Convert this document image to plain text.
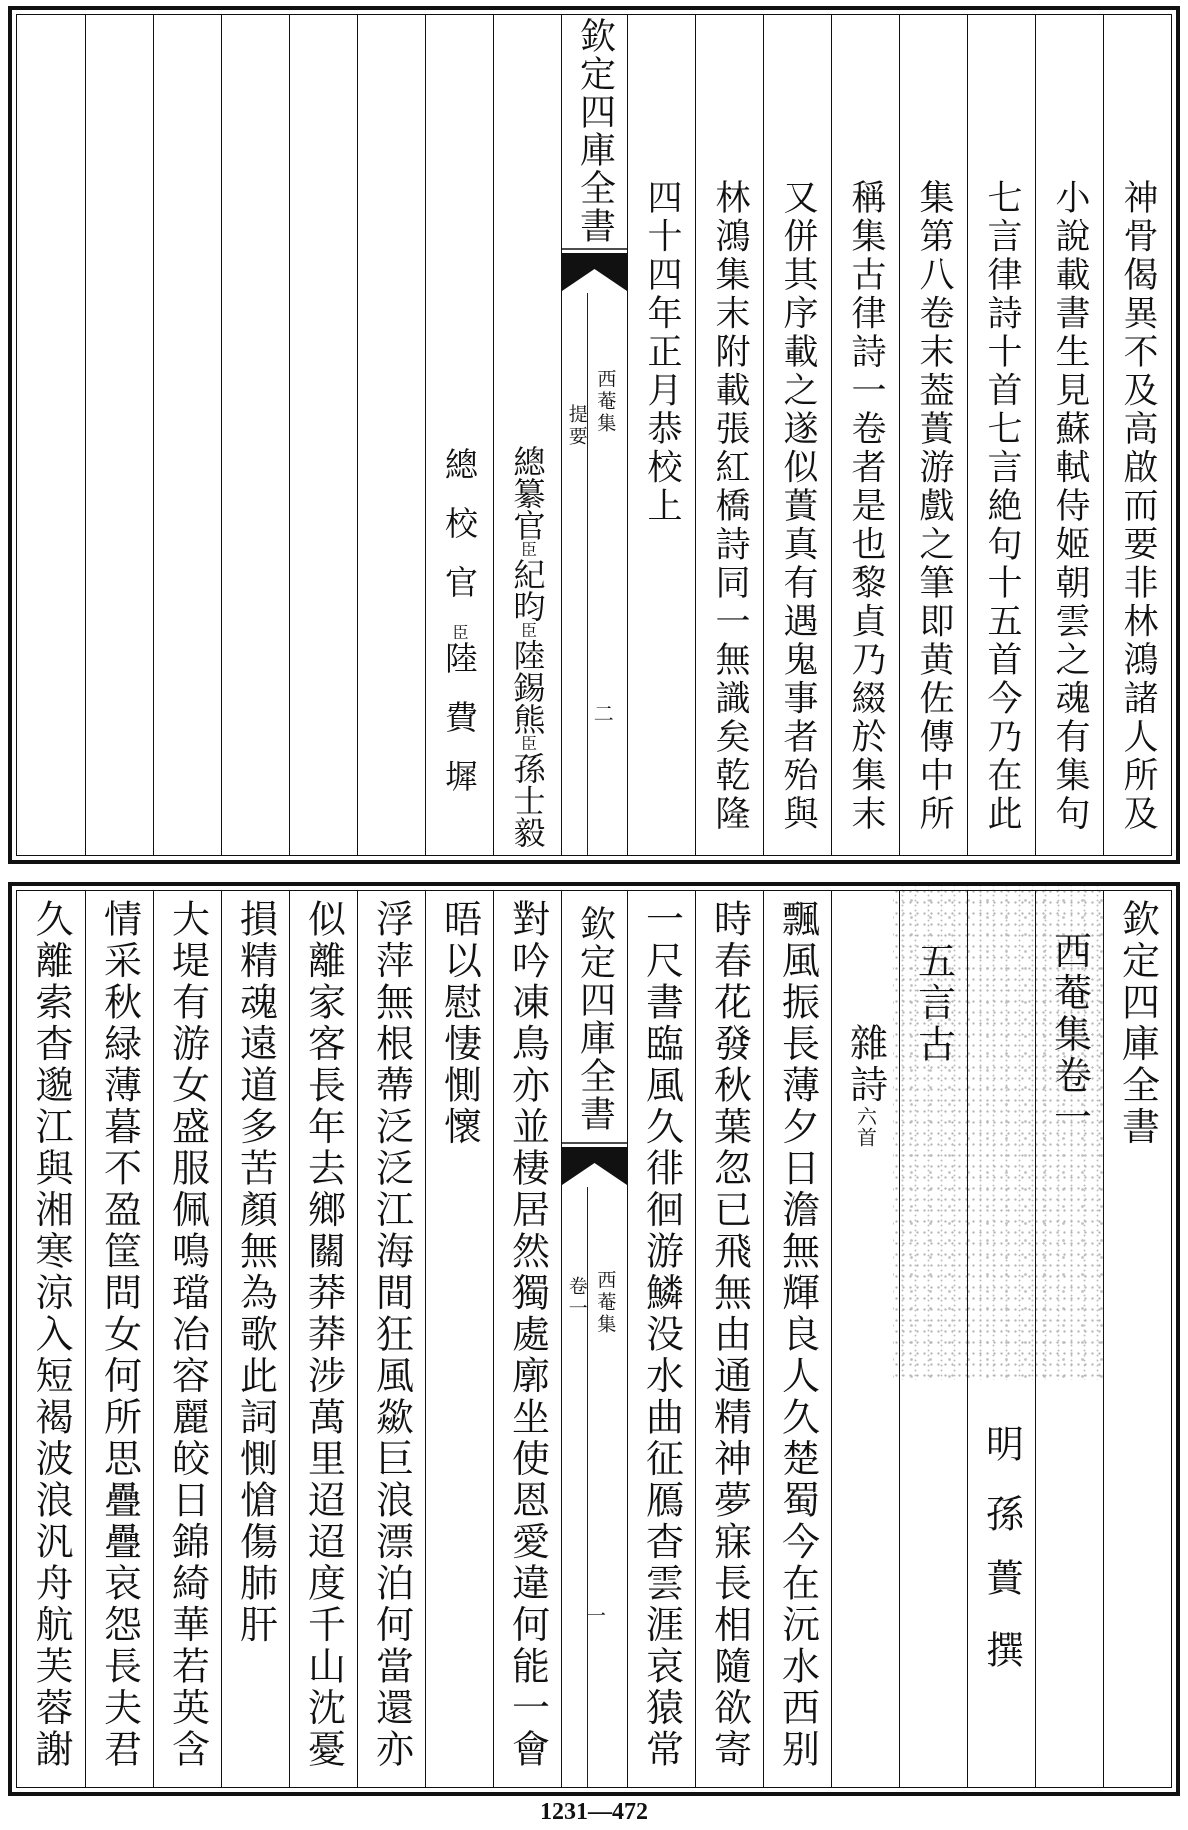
神骨偈異不及高啟而要非林鴻諸人所及
小說載書生見蘇軾侍姬朝雲之魂有集句
七言律詩十首七言絶句十五首今乃在此
集第八卷末葢蕢游戲之筆即黄佐傳中所
稱集古律詩一卷者是也黎貞乃綴於集末
又併其序載之遂似蕢真有遇鬼事者殆與
林鴻集末附載張紅橋詩同一無識矣乾隆
四十四年正月恭校上
欽定四庫全書
西菴集
提要
二
總纂官臣紀昀臣陸錫熊臣孫士毅
總校官臣陸費墀
欽定四庫全書
西菴集卷一
明
孫蕢
撰
五言古
雜詩六首
飄風振長薄夕日澹無輝良人久楚蜀今在沅水西别
時春花發秋葉忽已飛無由通精神夢寐長相隨欲寄
一尺書臨風久徘徊游鱗没水曲征鴈杳雲涯哀猿常
欽定四庫全書
西菴集
卷一
一
對吟凍鳥亦並棲居然獨處廓坐使恩愛違何能一會
晤以慰悽惻懷
浮萍無根蔕泛泛江海間狂風歘巨浪漂泊何當還亦
似離家客長年去鄉關莽莽涉萬里迢迢度千山沈憂
損精魂遠道多苦顏無為歌此詞惻愴傷肺肝
大堤有游女盛服佩鳴璫冶容麗皎日錦綺華若英含
情采秋緑薄暮不盈筐問女何所思疊疊哀怨長夫君
久離索杳邈江與湘寒涼入短褐波浪汎舟航芙蓉謝
1231—472
